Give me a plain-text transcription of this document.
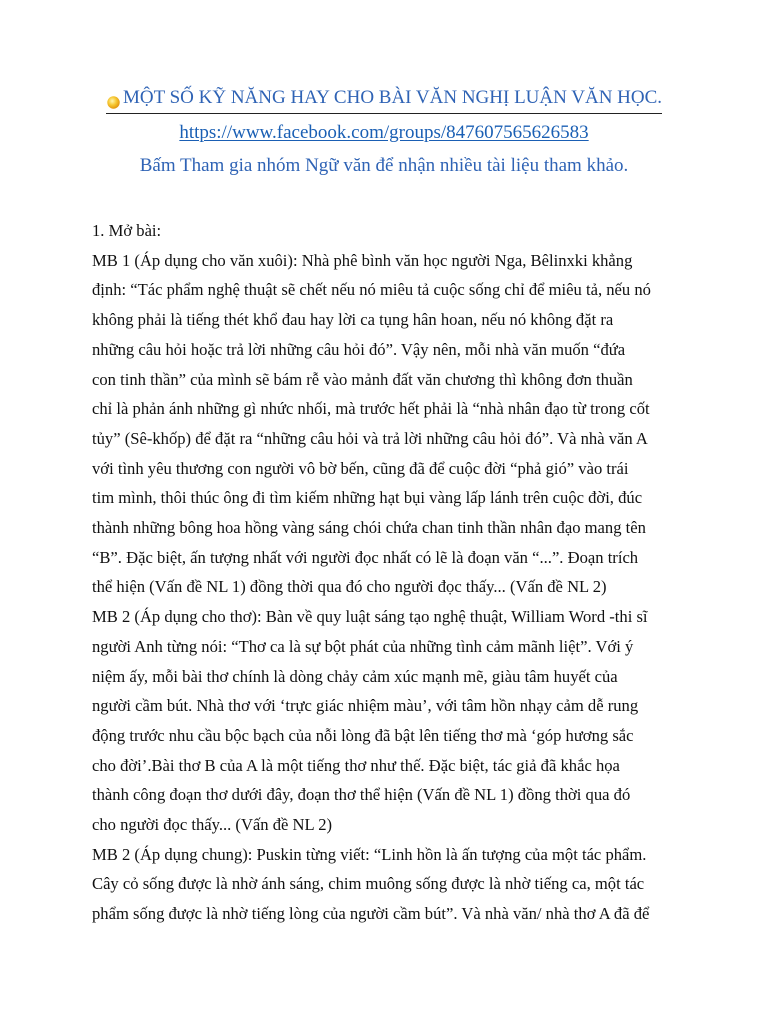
MỘT SỐ KỸ NĂNG HAY CHO BÀI VĂN NGHỊ LUẬN VĂN HỌC.
https://www.facebook.com/groups/847607565626583
Bấm Tham gia nhóm Ngữ văn để nhận nhiều tài liệu tham khảo.

1. Mở bài:

MB 1 (Áp dụng cho văn xuôi): Nhà phê bình văn học người Nga, Bêlinxki khẳng

định: “Tác phẩm nghệ thuật sẽ chết nếu nó miêu tả cuộc sống chỉ để miêu tả, nếu nó

không phải là tiếng thét khổ đau hay lời ca tụng hân hoan, nếu nó không đặt ra

những câu hỏi hoặc trả lời những câu hỏi đó”. Vậy nên, mỗi nhà văn muốn “đứa

con tinh thần” của mình sẽ bám rễ vào mảnh đất văn chương thì không đơn thuần

chỉ là phản ánh những gì nhức nhối, mà trước hết phải là “nhà nhân đạo từ trong cốt

tủy” (Sê-khốp) để đặt ra “những câu hỏi và trả lời những câu hỏi đó”. Và nhà văn A

với tình yêu thương con người vô bờ bến, cũng đã để cuộc đời “phả gió” vào trái

tim mình, thôi thúc ông đi tìm kiếm những hạt bụi vàng lấp lánh trên cuộc đời, đúc

thành những bông hoa hồng vàng sáng chói chứa chan tinh thần nhân đạo mang tên

“B”. Đặc biệt, ấn tượng nhất với người đọc nhất có lẽ là đoạn văn “...”. Đoạn trích

thể hiện (Vấn đề NL 1) đồng thời qua đó cho người đọc thấy... (Vấn đề NL 2)

MB 2 (Áp dụng cho thơ): Bàn về quy luật sáng tạo nghệ thuật, William Word -thi sĩ

người Anh từng nói: “Thơ ca là sự bột phát của những tình cảm mãnh liệt”. Với ý

niệm ấy, mỗi bài thơ chính là dòng chảy cảm xúc mạnh mẽ, giàu tâm huyết của

người cầm bút. Nhà thơ với ‘trực giác nhiệm màu’, với tâm hồn nhạy cảm dễ rung

động trước nhu cầu bộc bạch của nỗi lòng đã bật lên tiếng thơ mà ‘góp hương sắc

cho đời’.Bài thơ B của A là một tiếng thơ như thế. Đặc biệt, tác giả đã khắc họa

thành công đoạn thơ dưới đây, đoạn thơ thể hiện (Vấn đề NL 1) đồng thời qua đó

cho người đọc thấy... (Vấn đề NL 2)

MB 2 (Áp dụng chung): Puskin từng viết: “Linh hồn là ấn tượng của một tác phẩm.

Cây cỏ sống được là nhờ ánh sáng, chim muông sống được là nhờ tiếng ca, một tác

phẩm sống được là nhờ tiếng lòng của người cầm bút”. Và nhà văn/ nhà thơ A đã để
